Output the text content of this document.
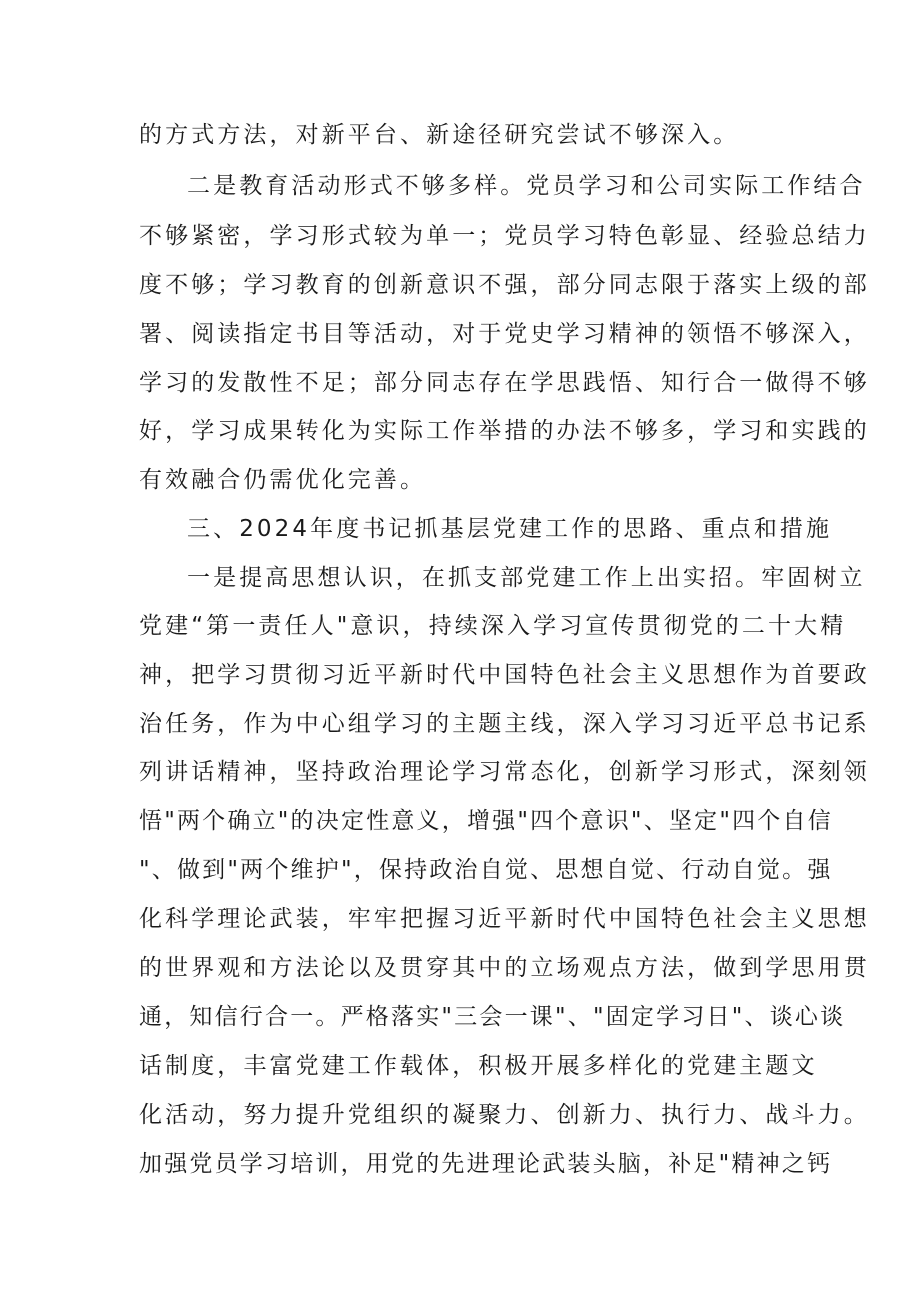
的方式方法，对新平台、新途径研究尝试不够深入。
二是教育活动形式不够多样。党员学习和公司实际工作结合
不够紧密，学习形式较为单一；党员学习特色彰显、经验总结力
度不够；学习教育的创新意识不强，部分同志限于落实上级的部
署、阅读指定书目等活动，对于党史学习精神的领悟不够深入，
学习的发散性不足；部分同志存在学思践悟、知行合一做得不够
好，学习成果转化为实际工作举措的办法不够多，学习和实践的
有效融合仍需优化完善。
三、2024年度书记抓基层党建工作的思路、重点和措施
一是提高思想认识，在抓支部党建工作上出实招。牢固树立
党建“第一责任人"意识，持续深入学习宣传贯彻党的二十大精
神，把学习贯彻习近平新时代中国特色社会主义思想作为首要政
治任务，作为中心组学习的主题主线，深入学习习近平总书记系
列讲话精神，坚持政治理论学习常态化，创新学习形式，深刻领
悟"两个确立"的决定性意义，增强"四个意识"、坚定"四个自信
"、做到"两个维护"，保持政治自觉、思想自觉、行动自觉。强
化科学理论武装，牢牢把握习近平新时代中国特色社会主义思想
的世界观和方法论以及贯穿其中的立场观点方法，做到学思用贯
通，知信行合一。严格落实"三会一课"、"固定学习日"、谈心谈
话制度，丰富党建工作载体，积极开展多样化的党建主题文
化活动，努力提升党组织的凝聚力、创新力、执行力、战斗力。
加强党员学习培训，用党的先进理论武装头脑，补足"精神之钙
